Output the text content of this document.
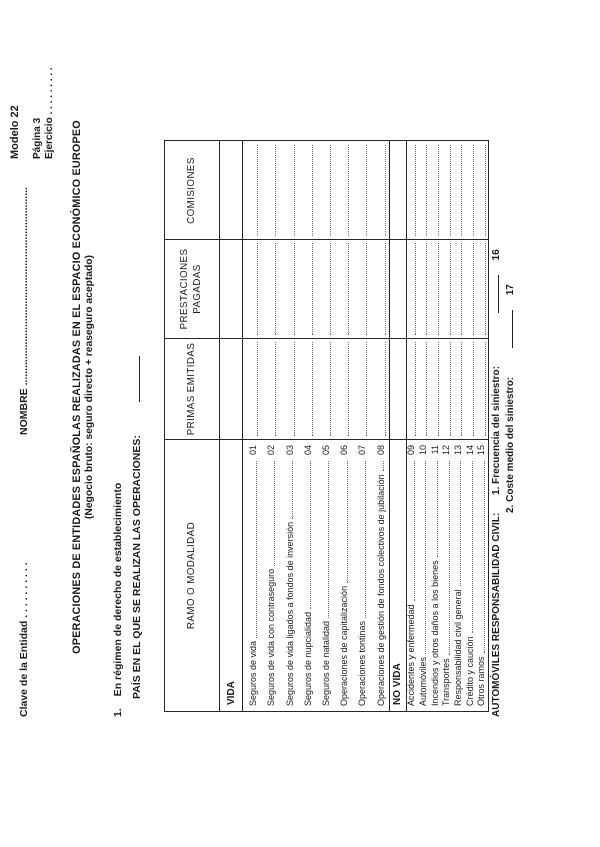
Clave de la Entidad . . . . . . . . . .
NOMBRE ....................................................................
Modelo 22 Página 3 Ejercicio . . . . . . . . .
OPERACIONES DE ENTIDADES ESPAÑOLAS REALIZADAS EN EL ESPACIO ECONÓMICO EUROPEO (Negocio bruto: seguro directo + reaseguro aceptado)
1. En régimen de derecho de establecimiento PAÍS EN EL QUE SE REALIZAN LAS OPERACIONES:	RAMO O MODALIDAD
PRIMAS EMITIDAS
PRESTACIONES PAGADAS
COMISIONES
VIDA	Seguros de vida
01
Seguros de vida con contraseguro
02
Seguros de vida ligados a fondos de inversión
03
Seguros de nupcialidad
04
Seguros de natalidad
05
Operaciones de capitalización
06
Operaciones tontinas
07
Operaciones de gestión de fondos colectivos de jubilación
08
NO VIDA Accidentes y enfermedad
09
Automóviles
10
Incendios y otros daños a los bienes
11
Transportes
12
Responsabilidad civil general
13
Crédito y caución
14
Otros ramos
15
AUTOMÓVILES RESPONSABILIDAD CIVIL: 1. Frecuencia del siniestro:  16
2. Coste medio del siniestro:  17
